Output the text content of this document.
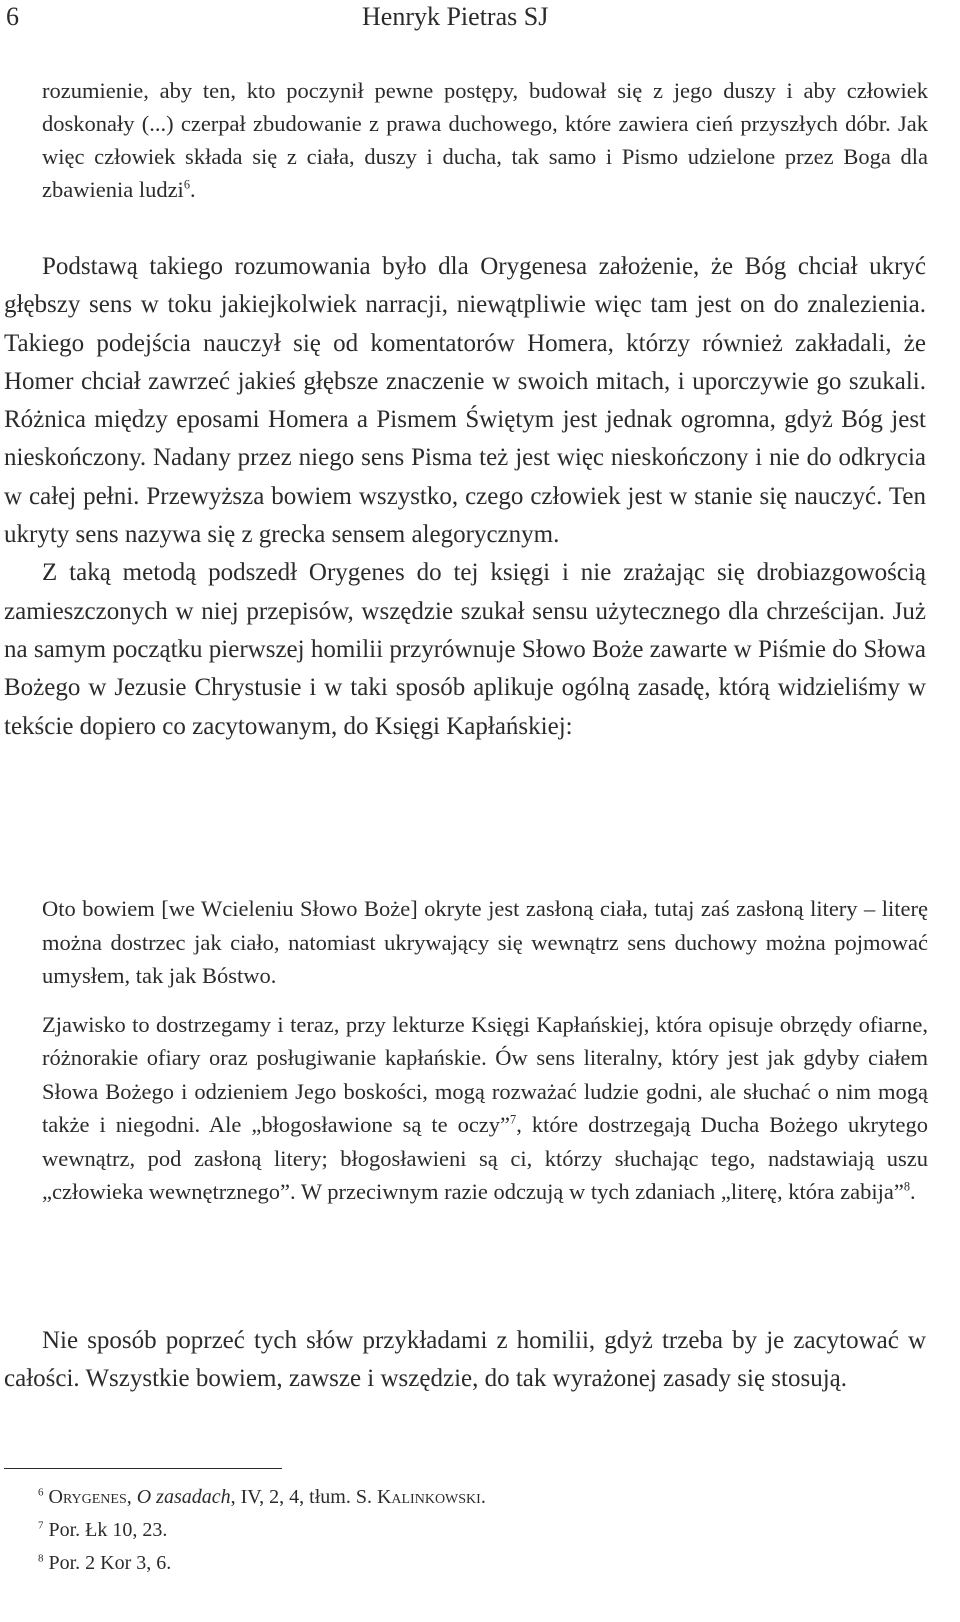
6	Henryk Pietras SJ

rozumienie, aby ten, kto poczynił pewne postępy, budował się z jego duszy i aby człowiek doskonały (...) czerpał zbudowanie z prawa duchowego, które zawiera cień przyszłych dóbr. Jak więc człowiek składa się z ciała, duszy i ducha, tak samo i Pismo udzielone przez Boga dla zbawienia ludzi$^6$.

Podstawą takiego rozumowania było dla Orygenesa założenie, że Bóg chciał ukryć głębszy sens w toku jakiejkolwiek narracji, niewątpliwie więc tam jest on do znalezienia. Takiego podejścia nauczył się od komentatorów Homera, którzy również zakładali, że Homer chciał zawrzeć jakieś głębsze znaczenie w swoich mitach, i uporczywie go szukali. Różnica między eposami Homera a Pismem Świętym jest jednak ogromna, gdyż Bóg jest nieskończony. Nadany przez niego sens Pisma też jest więc nieskończony i nie do odkrycia w całej pełni. Przewyższa bowiem wszystko, czego człowiek jest w stanie się nauczyć. Ten ukryty sens nazywa się z grecka sensem alegorycznym.

Z taką metodą podszedł Orygenes do tej księgi i nie zrażając się drobiazgowością zamieszczonych w niej przepisów, wszędzie szukał sensu użytecznego dla chrześcijan. Już na samym początku pierwszej homilii przyrównuje Słowo Boże zawarte w Piśmie do Słowa Bożego w Jezusie Chrystusie i w taki sposób aplikuje ogólną zasadę, którą widzieliśmy w tekście dopiero co zacytowanym, do Księgi Kapłańskiej:

Oto bowiem [we Wcieleniu Słowo Boże] okryte jest zasłoną ciała, tutaj zaś zasłoną litery – literę można dostrzec jak ciało, natomiast ukrywający się wewnątrz sens duchowy można pojmować umysłem, tak jak Bóstwo.

Zjawisko to dostrzegamy i teraz, przy lekturze Księgi Kapłańskiej, która opisuje obrzędy ofiarne, różnorakie ofiary oraz posługiwanie kapłańskie. Ów sens literalny, który jest jak gdyby ciałem Słowa Bożego i odzieniem Jego boskości, mogą rozważać ludzie godni, ale słuchać o nim mogą także i niegodni. Ale „błogosławione są te oczy”$^7$, które dostrzegają Ducha Bożego ukrytego wewnątrz, pod zasłoną litery; błogosławieni są ci, którzy słuchając tego, nadstawiają uszu „człowieka wewnętrznego”. W przeciwnym razie odczują w tych zdaniach „literę, która zabija”$^8$.

Nie sposób poprzeć tych słów przykładami z homilii, gdyż trzeba by je zacytować w całości. Wszystkie bowiem, zawsze i wszędzie, do tak wyrażonej zasady się stosują.

$^6$ Orygenes, O zasadach, IV, 2, 4, tłum. S. Kalinkowski.
$^7$ Por. Łk 10, 23.
$^8$ Por. 2 Kor 3, 6.
